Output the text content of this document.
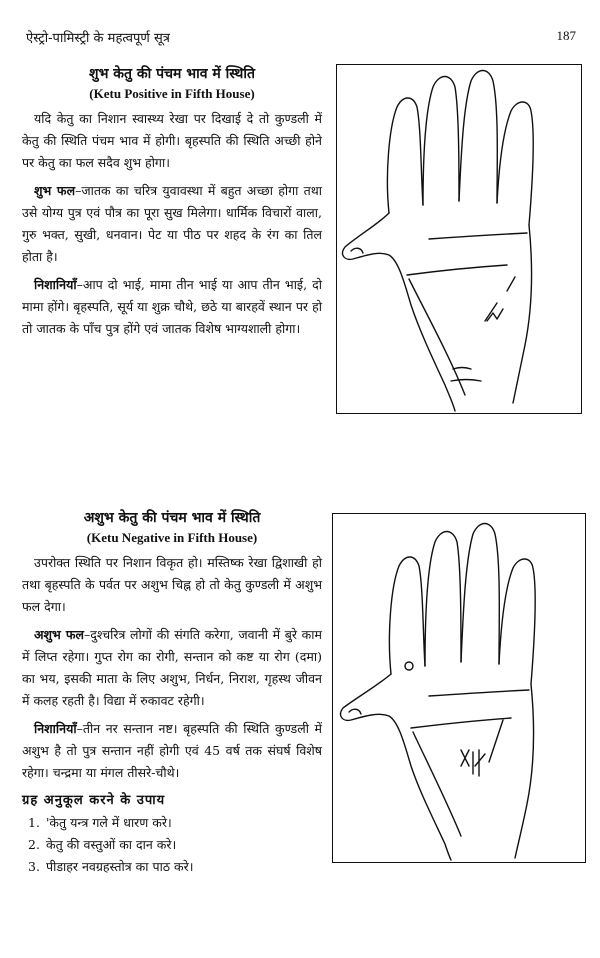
ऐस्ट्रो-पामिस्ट्री के महत्वपूर्ण सूत्र	187
शुभ केतु की पंचम भाव में स्थिति
(Ketu Positive in Fifth House)

यदि केतु का निशान स्वास्थ्य रेखा पर दिखाई दे तो कुण्डली में केतु की स्थिति पंचम भाव में होगी। बृहस्पति की स्थिति अच्छी होने पर केतु का फल सदैव शुभ होगा।

शुभ फल–जातक का चरित्र युवावस्था में बहुत अच्छा होगा तथा उसे योग्य पुत्र एवं पौत्र का पूरा सुख मिलेगा। धार्मिक विचारों वाला, गुरु भक्त, सुखी, धनवान। पेट या पीठ पर शहद के रंग का तिल होता है।

निशानियाँ–आप दो भाई, मामा तीन भाई या आप तीन भाई, दो मामा होंगे। बृहस्पति, सूर्य या शुक्र चौथे, छठे या बारहवें स्थान पर हो तो जातक के पाँच पुत्र होंगे एवं जातक विशेष भाग्यशाली होगा।

अशुभ केतु की पंचम भाव में स्थिति
(Ketu Negative in Fifth House)

उपरोक्त स्थिति पर निशान विकृत हो। मस्तिष्क रेखा द्विशाखी हो तथा बृहस्पति के पर्वत पर अशुभ चिह्न हो तो केतु कुण्डली में अशुभ फल देगा।

अशुभ फल–दुश्चरित्र लोगों की संगति करेगा, जवानी में बुरे काम में लिप्त रहेगा। गुप्त रोग का रोगी, सन्तान को कष्ट या रोग (दमा) का भय, इसकी माता के लिए अशुभ, निर्धन, निराश, गृहस्थ जीवन में कलह रहती है। विद्या में रुकावट रहेगी।

निशानियाँ–तीन नर सन्तान नष्ट। बृहस्पति की स्थिति कुण्डली में अशुभ है तो पुत्र सन्तान नहीं होगी एवं 45 वर्ष तक संघर्ष विशेष रहेगा। चन्द्रमा या मंगल तीसरे-चौथे।

ग्रह अनुकूल करने के उपाय
1. 'केतु यन्त्र गले में धारण करे।
2. केतु की वस्तुओं का दान करे।
3. पीडाहर नवग्रहस्तोत्र का पाठ करे।
